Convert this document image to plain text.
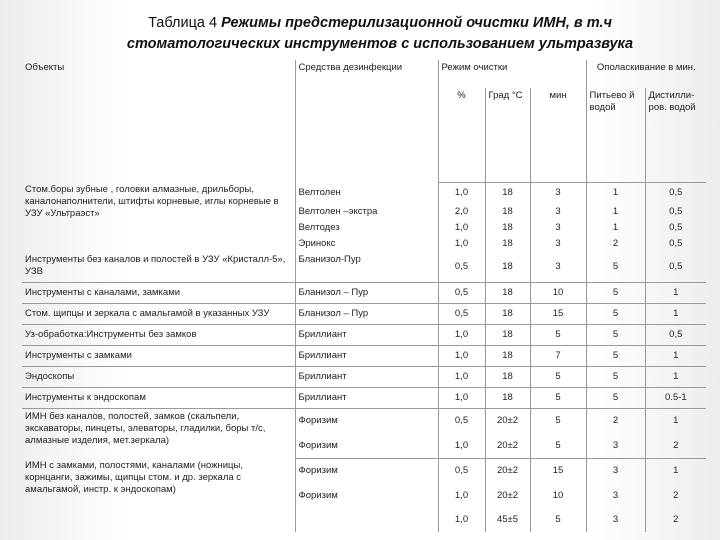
Таблица 4 Режимы предстерилизационной очистки ИМН, в т.ч
стоматологических инструментов с использованием ультразвука
Объекты	Средства дезинфекции	Режим очистки			Ополаскивание в мин.	
		%	Град °С	мин	Питьево й водой	Дистилли-ров. водой

Стом.боры зубные , головки алмазные, дрильборы, каналонаполнители, штифты корневые, иглы корневые в УЗУ «Ультраэст»	Велтолен	1,0	18	3	1	0,5
	Велтолен –экстра	2,0	18	3	1	0,5
	Велтодез	1,0	18	3	1	0,5
	Эринокс	1,0	18	3	2	0,5
Инструменты без каналов и полостей в УЗУ «Кристалл-5», УЗВ	Бланизол-Пур	0,5	18	3	5	0,5
Инструменты с каналами, замками	Бланизол – Пур	0,5	18	10	5	1
Стом. щипцы и зеркала с амальгамой в указанных УЗУ	Бланизол – Пур	0,5	18	15	5	1
Уз-обработка:Инструменты без замков	Бриллиант	1,0	18	5	5	0,5
Инструменты с замками	Бриллиант	1,0	18	7	5	1
Эндоскопы	Бриллиант	1,0	18	5	5	1
Инструменты к эндоскопам	Бриллиант	1,0	18	5	5	0.5-1
ИМН без каналов, полостей, замков (скальпели, экскаваторы, пинцеты, элеваторы, гладилки, боры т/с, алмазные изделия, мет.зеркала)	Форизим	0,5	20±2	5	2	1
	Форизим	1,0	20±2	5	3	2
ИМН с замками, полостями, каналами (ножницы, корнцанги, зажимы, щипцы стом. и др. зеркала с амальгамой, инстр. к эндоскопам)	Форизим	0,5	20±2	15	3	1
	Форизим	1,0	20±2	10	3	2
		1,0	45±5	5	3	2
